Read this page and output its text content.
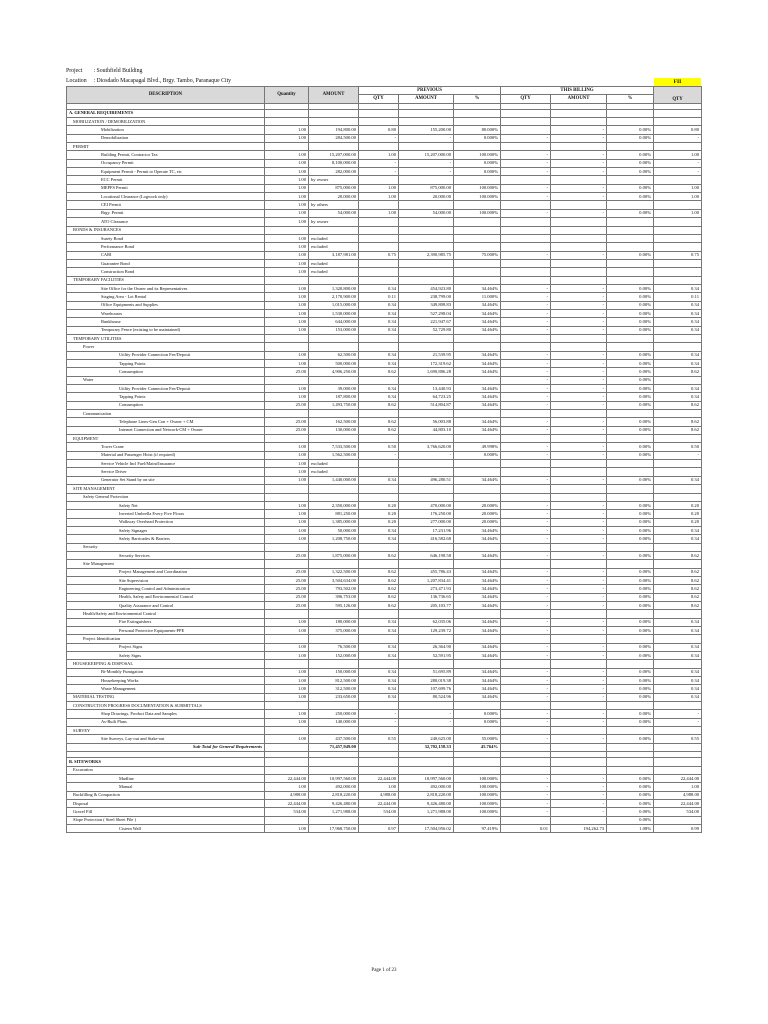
Project : Southfield Building
Location : Diosdado Macapagal Blvd., Brgy. Tambo, Paranaque City	FII
DESCRIPTION	Quantity	AMOUNT	PREVIOUS			THIS BILLING			QTY
			QTY	AMOUNT	%	QTY	AMOUNT	%	

A. GENERAL REQUIREMENTS									
MOBILIZATION / DEMOBILIZATION									
Mobilization	1.00	194,800.00	0.80	155,200.00	80.000%		-	0.00%	0.80
Demobilization	1.00	284,500.00	-	-	0.000%	-	-	0.00%	-
PERMIT									
Building Permit, Contractor Tax	1.00	15,207,000.00	1.00	15,207,000.00	100.000%	-	-	0.00%	1.00
Occupancy Permit	1.00	8,100,000.00	-	-	0.000%	-	-	0.00%	-
Equipment Permit - Permit to Operate TC, etc	1.00	282,000.00	-	-	0.000%	-	-	0.00%	-
ECC Permit	1.00	by owner							
MEPFS Permit	1.00	875,000.00	1.00	875,000.00	100.000%	-	-	0.00%	1.00
Locational Clearance (Logwork only)	1.00	20,000.00	1.00	20,000.00	100.000%	-	-	0.00%	1.00
CEI Permit	1.00	by others							
Brgy. Permit	1.00	54,000.00	1.00	54,000.00	100.000%	-	-	0.00%	1.00
ATO Clearance	1.00	by owner							
BONDS & INSURANCES									
Surety Bond	1.00	excluded							
Performance Bond	1.00	excluded							
CARI	1.00	3,187,981.00	0.75	2,390,985.75	75.000%	-	-	0.00%	0.75
Guarantee Bond	1.00	excluded							
Construction Bond	1.00	excluded							
TEMPORARY FACILITIES									
Site Office for the Owner and its Representatives	1.00	1,320,800.00	0.34	454,923.80	34.464%	-	-	0.00%	0.34
Staging Area - Lot Rental	1.00	2,170,900.00	0.11	238,799.00	11.000%	-	-	0.00%	0.11
Office Equipments and Supplies	1.00	1,015,000.00	0.34	349,808.83	34.464%	-	-	0.00%	0.34
Warehouses	1.00	1,530,000.00	0.34	527,298.04	34.464%	-	-	0.00%	0.34
Bunkhouse	1.00	644,000.00	0.34	221,947.67	34.464%	-	-	0.00%	0.34
Temporary Fence (existing to be maintained)	1.00	153,000.00	0.34	52,729.80	34.464%	-	-	0.00%	0.34
TEMPORARY UTILITIES									
Power									
Utility Provider Connection Fee/Deposit	1.00	62,500.00	0.34	21,539.95	34.464%	-	-	0.00%	0.34
Tapping Points	1.00	500,000.00	0.34	172,319.62	34.464%	-	-	0.00%	0.34
Consumption	25.00	4,906,250.00	8.62	1,690,886.28	34.464%	-	-	0.00%	8.62
Water						-	-	0.00%	
Utility Provider Connection Fee/Deposit	1.00	39,000.00	0.34	13,440.93	34.464%	-	-	0.00%	0.34
Tapping Points	1.00	187,800.00	0.34	64,723.25	34.464%	-	-	0.00%	0.34
Consumption	25.00	1,493,750.00	8.62	514,804.87	34.464%	-	-	0.00%	8.62
Communication									
Telephone Lines-Gen Con + Owner + CM	25.00	162,500.00	8.62	56,003.88	34.464%	-	-	0.00%	8.62
Internet Connection and Network-CM + Owner	25.00	130,000.00	8.62	44,803.10	34.464%	-	-	0.00%	8.62
EQUIPMENT									
Tower Crane	1.00	7,533,500.00	0.50	3,766,620.00	49.998%	-	-	0.00%	0.50
Material and Passenger Hoist (if required)	1.00	1,562,500.00	-	-	0.000%	-	-	0.00%	-
Service Vehicle Incl Fuel/Maint/Insurance	1.00	excluded							
Service Driver	1.00	excluded							
Generator Set Stand by on site	1.00	1,440,000.00	0.34	496,280.51	34.464%	-	-	0.00%	0.34
SITE MANAGEMENT									
Safety General Protection									
Safety Net	1.00	2,350,000.00	0.20	470,000.00	20.000%	-	-	0.00%	0.20
Inverted Umbrella Every Five Floors	1.00	881,250.00	0.20	176,250.00	20.000%	-	-	0.00%	0.20
Walkway Overhead Protection	1.00	1,385,000.00	0.20	277,000.00	20.000%	-	-	0.00%	0.20
Safety Signages	1.00	50,000.00	0.34	17,231.96	34.464%	-	-	0.00%	0.34
Safety Barricades & Barriers	1.00	1,208,750.00	0.34	416,582.68	34.464%	-	-	0.00%	0.34
Security									
Security Services	25.00	1,875,000.00	8.62	646,198.58	34.464%	-	-	0.00%	8.62
Site Management									
Project Management and Coordination	25.00	1,322,500.00	8.62	455,786.43	34.464%	-	-	0.00%	8.62
Site Supervision	25.00	3,504,634.00	8.62	1,207,834.41	34.464%	-	-	0.00%	8.62
Engineering Control and Administration	25.00	793,502.00	8.62	273,471.93	34.464%	-	-	0.00%	8.62
Health, Safety and Environmental Control	25.00	396,753.00	8.62	136,736.65	34.464%	-	-	0.00%	8.62
Quality Assurance and Control	25.00	595,126.00	8.62	205,103.77	34.464%	-	-	0.00%	8.62
Health/Safety and Environmental Control									
Fire Extinguishers	1.00	180,000.00	0.34	62,035.06	34.464%	-	-	0.00%	0.34
Personal Protective Equipments-PPE	1.00	375,000.00	0.34	129,239.72	34.464%	-	-	0.00%	0.34
Project Identification									
Project Signs	1.00	76,500.00	0.34	26,364.90	34.464%	-	-	0.00%	0.34
Safety Signs	1.00	152,000.00	0.34	52,591.95	34.464%	-	-	0.00%	0.34
HOUSEKEEPING & DISPOSAL									
Bi-Monthly Fumigation	1.00	150,000.00	0.34	51,695.89	34.464%	-	-	0.00%	0.34
Housekeeping Works	1.00	812,500.00	0.34	280,019.38	34.464%	-	-	0.00%	0.34
Waste Management	1.00	312,500.00	0.34	107,699.76	34.464%	-	-	0.00%	0.34
MATERIAL TESTING	1.00	233,650.00	0.34	80,524.96	34.464%	-	-	0.00%	0.34
CONSTRUCTION PROGRESS DOCUMENTATION & SUBMITTALS									
Shop Drawings, Product Data and Samples	1.00	250,000.00	-	-	0.000%	-	-	0.00%	-
As-Built Plans	1.00	140,000.00	-	-	0.000%	-	-	0.00%	-
SURVEY									
Site Surveys, Lay-out and Stake-out	1.00	437,500.00	0.55	240,625.00	55.000%	-	-	0.00%	0.55
Sub-Total for General Requirements		71,457,949.00		32,702,158.33	45.764%				

B. SITEWORKS									
Excavation									
Mudline	22,444.00	10,997,560.00	22,444.00	10,997,560.00	100.000%	-	-	0.00%	22,444.00
Manual	1.00	492,000.00	1.00	492,000.00	100.000%	-	-	0.00%	1.00
Backfilling & Compaction	4,988.00	2,818,220.00	4,988.00	2,818,220.00	100.000%	-	-	0.00%	4,988.00
Disposal	22,444.00	9,426,480.00	22,444.00	9,426,480.00	100.000%	-	-	0.00%	22,444.00
Gravel Fill	534.00	1,271,988.00	534.00	1,271,988.00	100.000%	-	-	0.00%	534.00
Slope Protection ( Steel Sheet Pile )								0.00%	
Cistern Wall	1.00	17,968,750.00	0.97	17,504,956.02	97.419%	0.01	194,262.73	1.08%	0.99
Page 1 of 23
